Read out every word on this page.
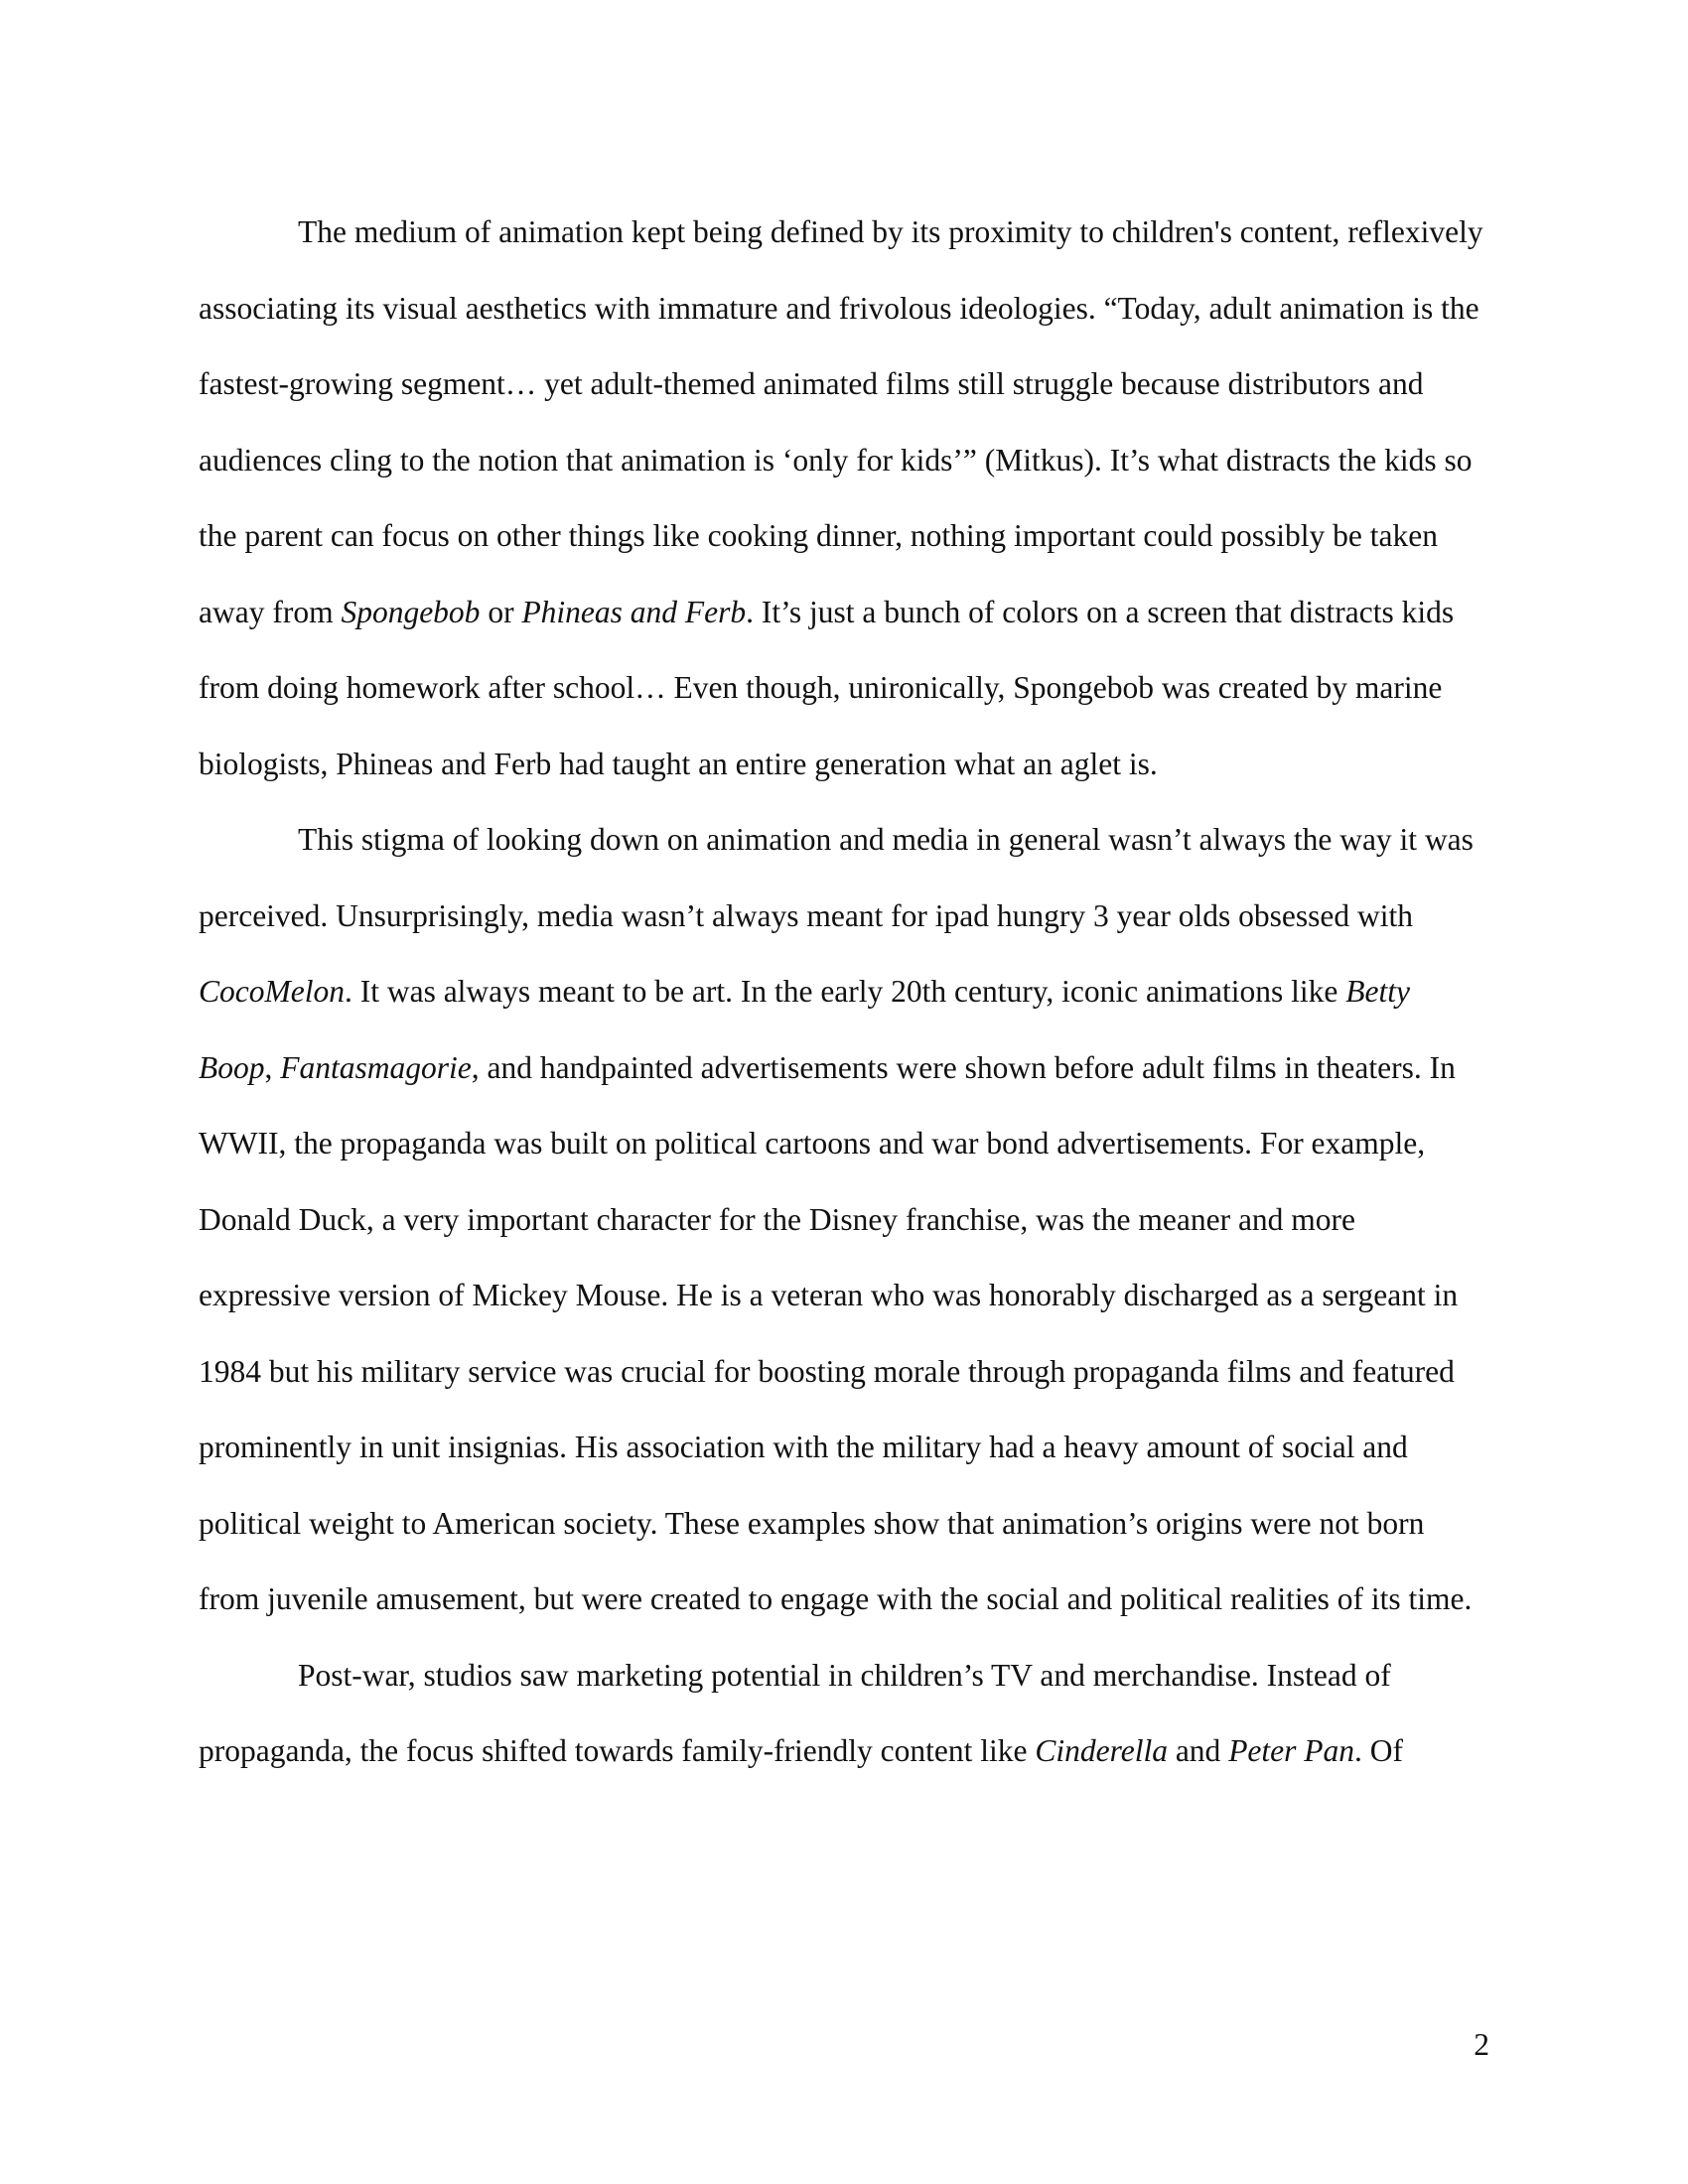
The medium of animation kept being defined by its proximity to children's content, reflexively associating its visual aesthetics with immature and frivolous ideologies. “Today, adult animation is the fastest-growing segment… yet adult-themed animated films still struggle because distributors and audiences cling to the notion that animation is ‘only for kids’” (Mitkus). It’s what distracts the kids so the parent can focus on other things like cooking dinner, nothing important could possibly be taken away from Spongebob or Phineas and Ferb. It’s just a bunch of colors on a screen that distracts kids from doing homework after school… Even though, unironically, Spongebob was created by marine biologists, Phineas and Ferb had taught an entire generation what an aglet is.

This stigma of looking down on animation and media in general wasn’t always the way it was perceived. Unsurprisingly, media wasn’t always meant for ipad hungry 3 year olds obsessed with CocoMelon. It was always meant to be art. In the early 20th century, iconic animations like Betty Boop, Fantasmagorie, and handpainted advertisements were shown before adult films in theaters. In WWII, the propaganda was built on political cartoons and war bond advertisements. For example, Donald Duck, a very important character for the Disney franchise, was the meaner and more expressive version of Mickey Mouse. He is a veteran who was honorably discharged as a sergeant in 1984 but his military service was crucial for boosting morale through propaganda films and featured prominently in unit insignias. His association with the military had a heavy amount of social and political weight to American society. These examples show that animation’s origins were not born from juvenile amusement, but were created to engage with the social and political realities of its time.

Post-war, studios saw marketing potential in children’s TV and merchandise. Instead of propaganda, the focus shifted towards family-friendly content like Cinderella and Peter Pan. Of

2
